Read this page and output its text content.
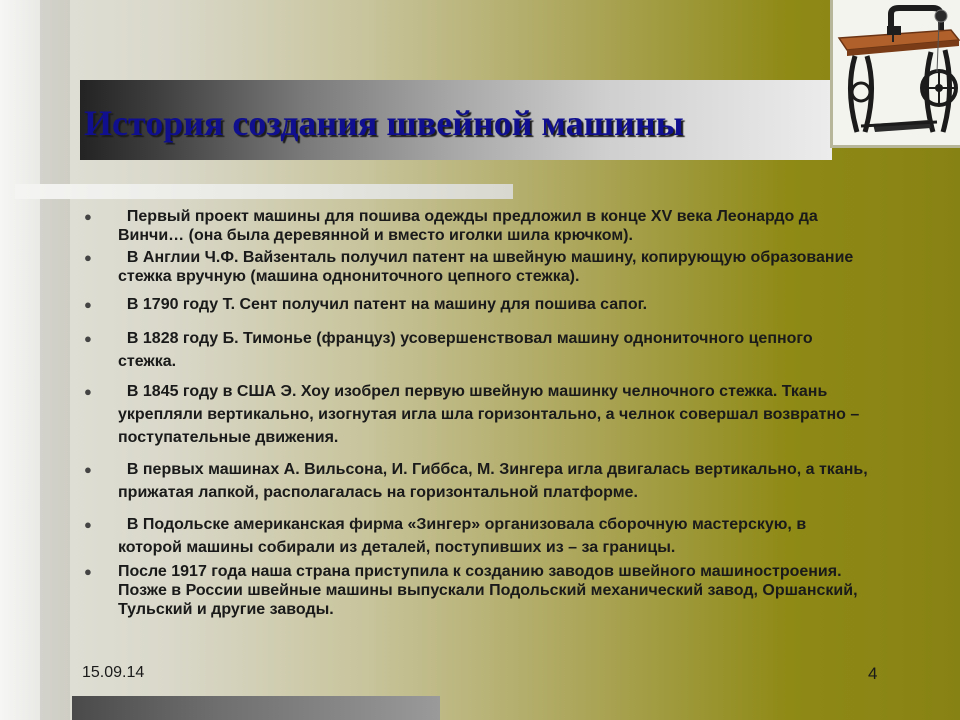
История создания швейной машины
● Первый проект машины для пошива одежды предложил в конце XV века Леонардо да Винчи… (она была деревянной и вместо иголки шила крючком).
● В Англии Ч.Ф. Вайзенталь получил патент на швейную машину, копирующую образование стежка вручную (машина однониточного цепного стежка).
● В 1790 году Т. Сент получил патент на машину для пошива сапог.
● В 1828 году Б. Тимонье (француз) усовершенствовал машину однониточного цепного стежка.
● В 1845 году в США Э. Хоу изобрел первую швейную машинку челночного стежка. Ткань укрепляли вертикально, изогнутая игла шла горизонтально, а челнок совершал возвратно – поступательные движения.
● В первых машинах А. Вильсона, И. Гиббса, М. Зингера игла двигалась вертикально, а ткань, прижатая лапкой, располагалась на горизонтальной платформе.
● В Подольске американская фирма «Зингер» организовала сборочную мастерскую, в которой машины собирали из деталей, поступивших из – за границы.
● После 1917 года наша страна приступила к созданию заводов швейного машиностроения. Позже в России швейные машины выпускали Подольский механический завод, Оршанский, Тульский и другие заводы.
15.09.14	4
